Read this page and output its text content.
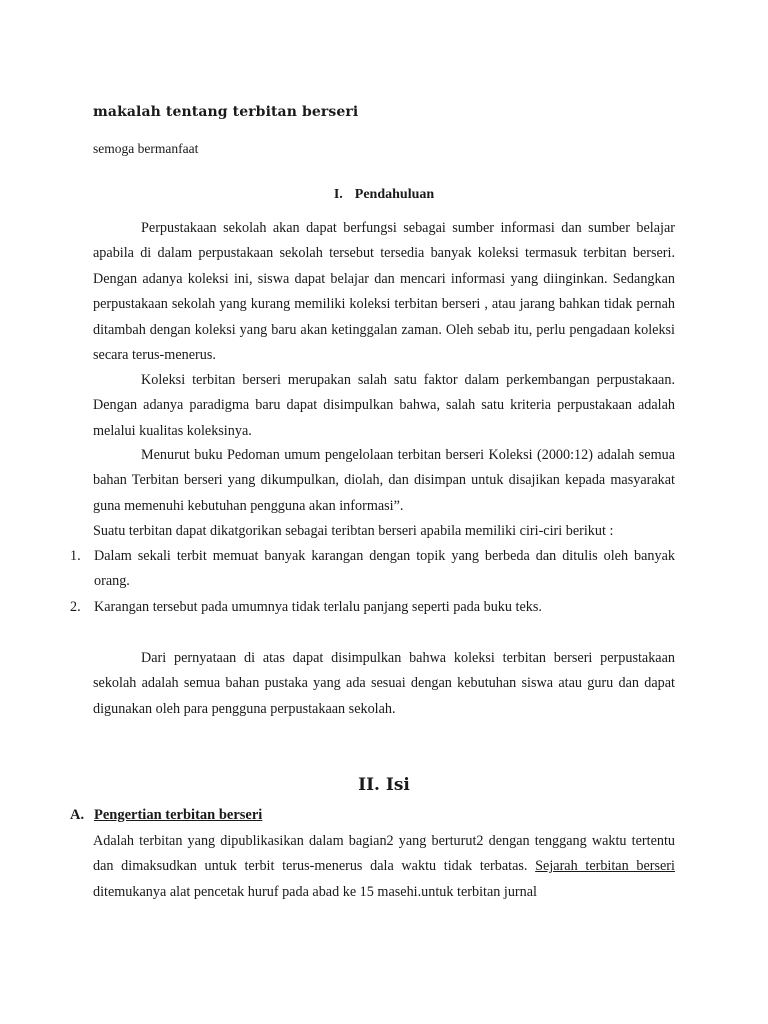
makalah tentang terbitan berseri

semoga bermanfaat

I. Pendahuluan

Perpustakaan sekolah akan dapat berfungsi sebagai sumber informasi dan sumber belajar apabila di dalam perpustakaan sekolah tersebut tersedia banyak koleksi termasuk terbitan berseri. Dengan adanya koleksi ini, siswa dapat belajar dan mencari informasi yang diinginkan. Sedangkan perpustakaan sekolah yang kurang memiliki koleksi terbitan berseri , atau jarang bahkan tidak pernah ditambah dengan koleksi yang baru akan ketinggalan zaman. Oleh sebab itu, perlu pengadaan koleksi secara terus-menerus.

Koleksi terbitan berseri merupakan salah satu faktor dalam perkembangan perpustakaan. Dengan adanya paradigma baru dapat disimpulkan bahwa, salah satu kriteria perpustakaan adalah melalui kualitas koleksinya.

Menurut buku Pedoman umum pengelolaan terbitan berseri Koleksi (2000:12) adalah semua bahan Terbitan berseri yang dikumpulkan, diolah, dan disimpan untuk disajikan kepada masyarakat guna memenuhi kebutuhan pengguna akan informasi”.

Suatu terbitan dapat dikatgorikan sebagai teribtan berseri apabila memiliki ciri-ciri berikut :

1. Dalam sekali terbit memuat banyak karangan dengan topik yang berbeda dan ditulis oleh banyak orang.
2. Karangan tersebut pada umumnya tidak terlalu panjang seperti pada buku teks.

Dari pernyataan di atas dapat disimpulkan bahwa koleksi terbitan berseri perpustakaan sekolah adalah semua bahan pustaka yang ada sesuai dengan kebutuhan siswa atau guru dan dapat digunakan oleh para pengguna perpustakaan sekolah.

II. Isi
A. Pengertian terbitan berseri

Adalah terbitan yang dipublikasikan dalam bagian2 yang berturut2 dengan tenggang waktu tertentu dan dimaksudkan untuk terbit terus-menerus dala waktu tidak terbatas. Sejarah terbitan berseri ditemukanya alat pencetak huruf pada abad ke 15 masehi.untuk terbitan jurnal
